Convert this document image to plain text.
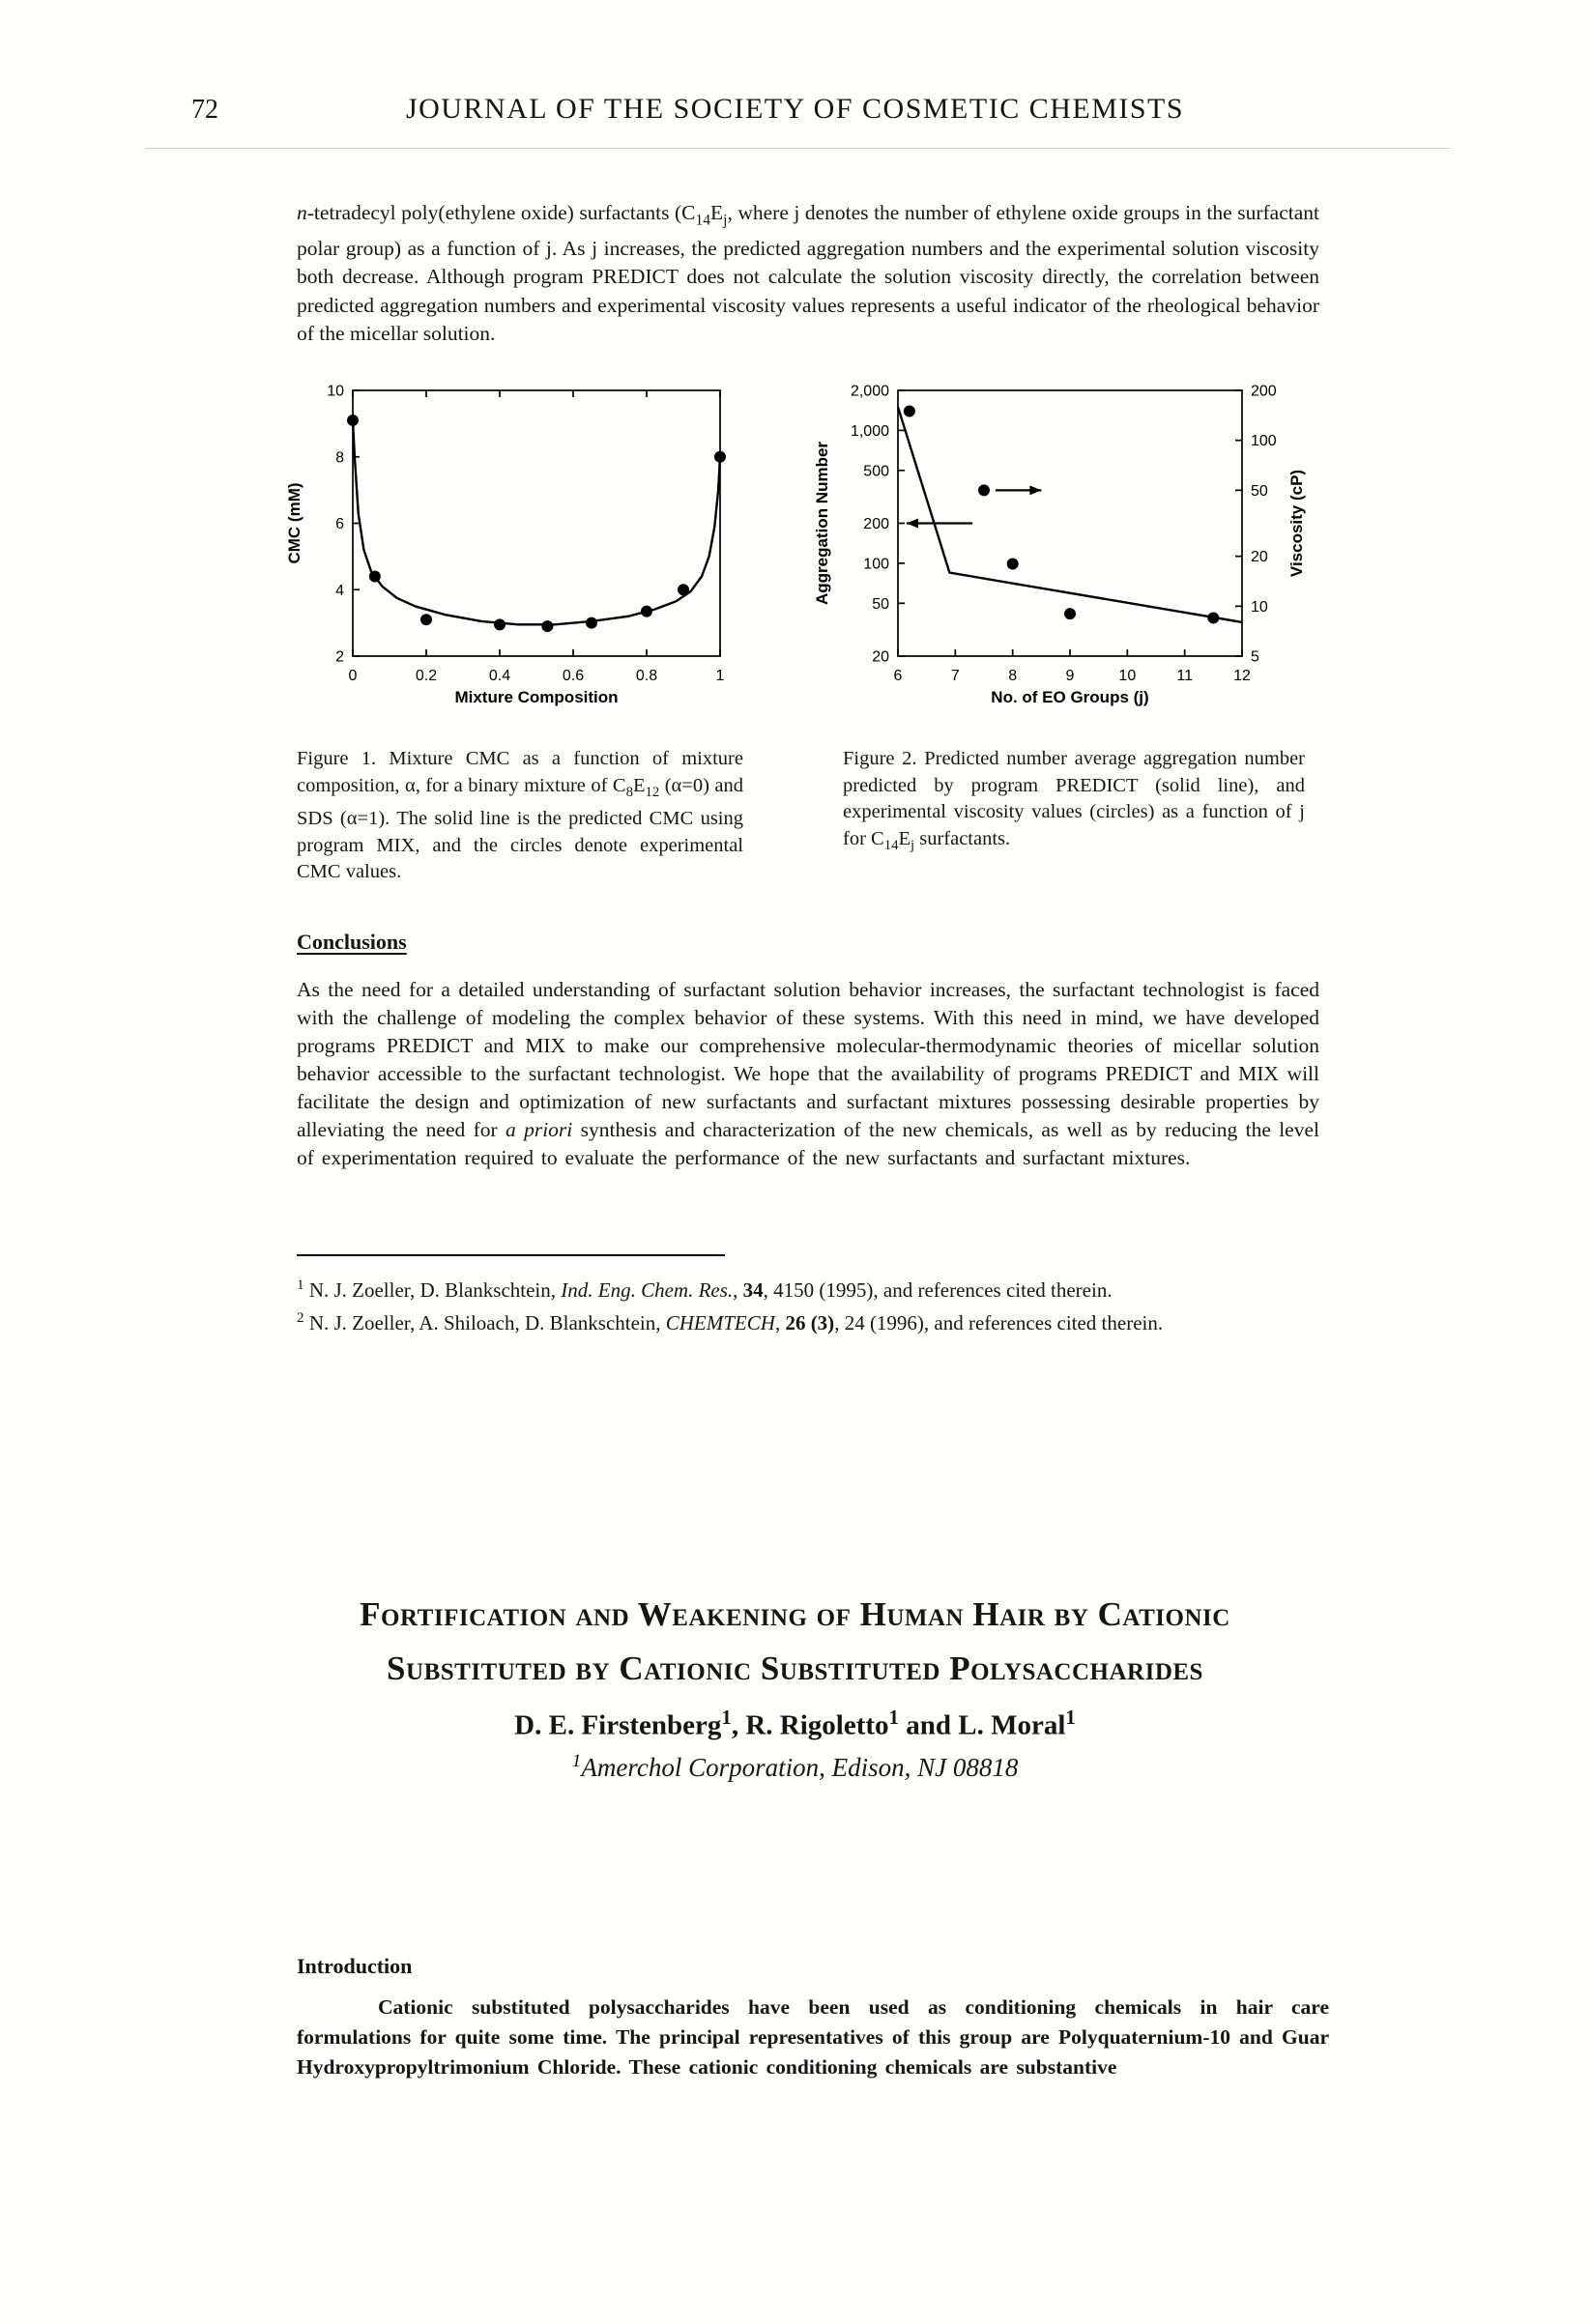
72	JOURNAL OF THE SOCIETY OF COSMETIC CHEMISTS

n-tetradecyl poly(ethylene oxide) surfactants ($C_{14}E_j$, where j denotes the number of ethylene oxide groups in the surfactant polar group) as a function of j. As j increases, the predicted aggregation numbers and the experimental solution viscosity both decrease. Although program PREDICT does not calculate the solution viscosity directly, the correlation between predicted aggregation numbers and experimental viscosity values represents a useful indicator of the rheological behavior of the micellar solution.

0	0.2	0.4	0.6	0.8	1
2
4
6
8
10
Mixture Composition
CMC (mM)
6	7	8	9	10	11	12
20
50
100
200
500
1,000
2,000
5
10
20
50
100
200
No. of EO Groups (j)
Aggregation Number	Viscosity (cP)

Figure 1. Mixture CMC as a function of mixture composition, α, for a binary mixture of $C_8E_{12}$ (α=0) and SDS (α=1). The solid line is the predicted CMC using program MIX, and the circles denote experimental CMC values.

Figure 2. Predicted number average aggregation number predicted by program PREDICT (solid line), and experimental viscosity values (circles) as a function of j for $C_{14}E_j$ surfactants.

Conclusions

As the need for a detailed understanding of surfactant solution behavior increases, the surfactant technologist is faced with the challenge of modeling the complex behavior of these systems. With this need in mind, we have developed programs PREDICT and MIX to make our comprehensive molecular-thermodynamic theories of micellar solution behavior accessible to the surfactant technologist. We hope that the availability of programs PREDICT and MIX will facilitate the design and optimization of new surfactants and surfactant mixtures possessing desirable properties by alleviating the need for a priori synthesis and characterization of the new chemicals, as well as by reducing the level of experimentation required to evaluate the performance of the new surfactants and surfactant mixtures.

$^1$ N. J. Zoeller, D. Blankschtein, Ind. Eng. Chem. Res., 34, 4150 (1995), and references cited therein.

$^2$ N. J. Zoeller, A. Shiloach, D. Blankschtein, CHEMTECH, 26 (3), 24 (1996), and references cited therein.

Fortification and Weakening of Human Hair by Cationic
Substituted by Cationic Substituted Polysaccharides
D. E. Firstenberg$^1$, R. Rigoletto$^1$ and L. Moral$^1$
$^1$Amerchol Corporation, Edison, NJ 08818
Introduction

Cationic substituted polysaccharides have been used as conditioning chemicals in hair care formulations for quite some time. The principal representatives of this group are Polyquaternium-10 and Guar Hydroxypropyltrimonium Chloride. These cationic conditioning chemicals are substantive
